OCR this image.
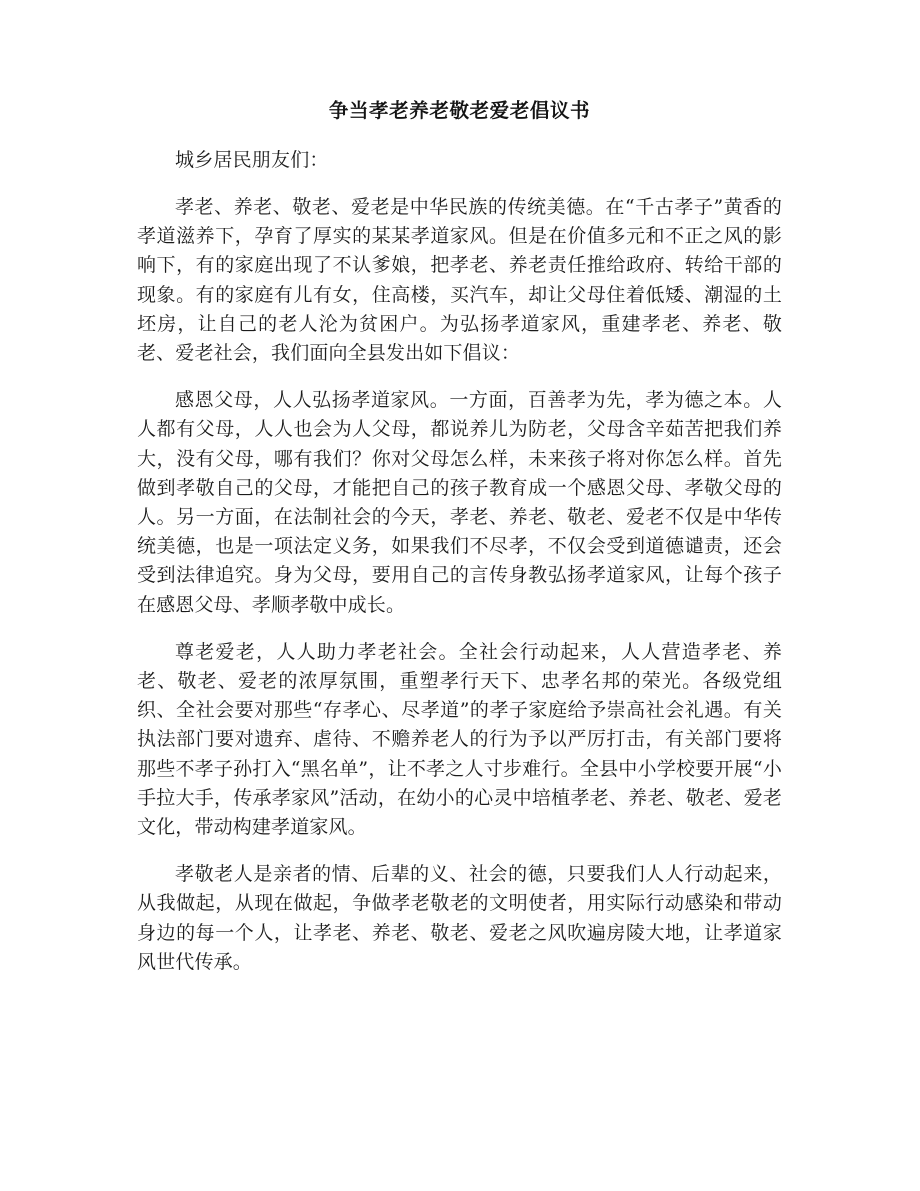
争当孝老养老敬老爱老倡议书

城乡居民朋友们：

孝老、养老、敬老、爱老是中华民族的传统美德。在“千古孝子”黄香的孝道滋养下，孕育了厚实的某某孝道家风。但是在价值多元和不正之风的影响下，有的家庭出现了不认爹娘，把孝老、养老责任推给政府、转给干部的现象。有的家庭有儿有女，住高楼，买汽车，却让父母住着低矮、潮湿的土坯房，让自己的老人沦为贫困户。为弘扬孝道家风，重建孝老、养老、敬老、爱老社会，我们面向全县发出如下倡议：

感恩父母，人人弘扬孝道家风。一方面，百善孝为先，孝为德之本。人人都有父母，人人也会为人父母，都说养儿为防老，父母含辛茹苦把我们养大，没有父母，哪有我们？你对父母怎么样，未来孩子将对你怎么样。首先做到孝敬自己的父母，才能把自己的孩子教育成一个感恩父母、孝敬父母的人。另一方面，在法制社会的今天，孝老、养老、敬老、爱老不仅是中华传统美德，也是一项法定义务，如果我们不尽孝，不仅会受到道德谴责，还会受到法律追究。身为父母，要用自己的言传身教弘扬孝道家风，让每个孩子在感恩父母、孝顺孝敬中成长。

尊老爱老，人人助力孝老社会。全社会行动起来，人人营造孝老、养老、敬老、爱老的浓厚氛围，重塑孝行天下、忠孝名邦的荣光。各级党组织、全社会要对那些“存孝心、尽孝道”的孝子家庭给予崇高社会礼遇。有关执法部门要对遗弃、虐待、不赡养老人的行为予以严厉打击，有关部门要将那些不孝子孙打入“黑名单”，让不孝之人寸步难行。全县中小学校要开展“小手拉大手，传承孝家风”活动，在幼小的心灵中培植孝老、养老、敬老、爱老文化，带动构建孝道家风。

孝敬老人是亲者的情、后辈的义、社会的德，只要我们人人行动起来，从我做起，从现在做起，争做孝老敬老的文明使者，用实际行动感染和带动身边的每一个人，让孝老、养老、敬老、爱老之风吹遍房陵大地，让孝道家风世代传承。
